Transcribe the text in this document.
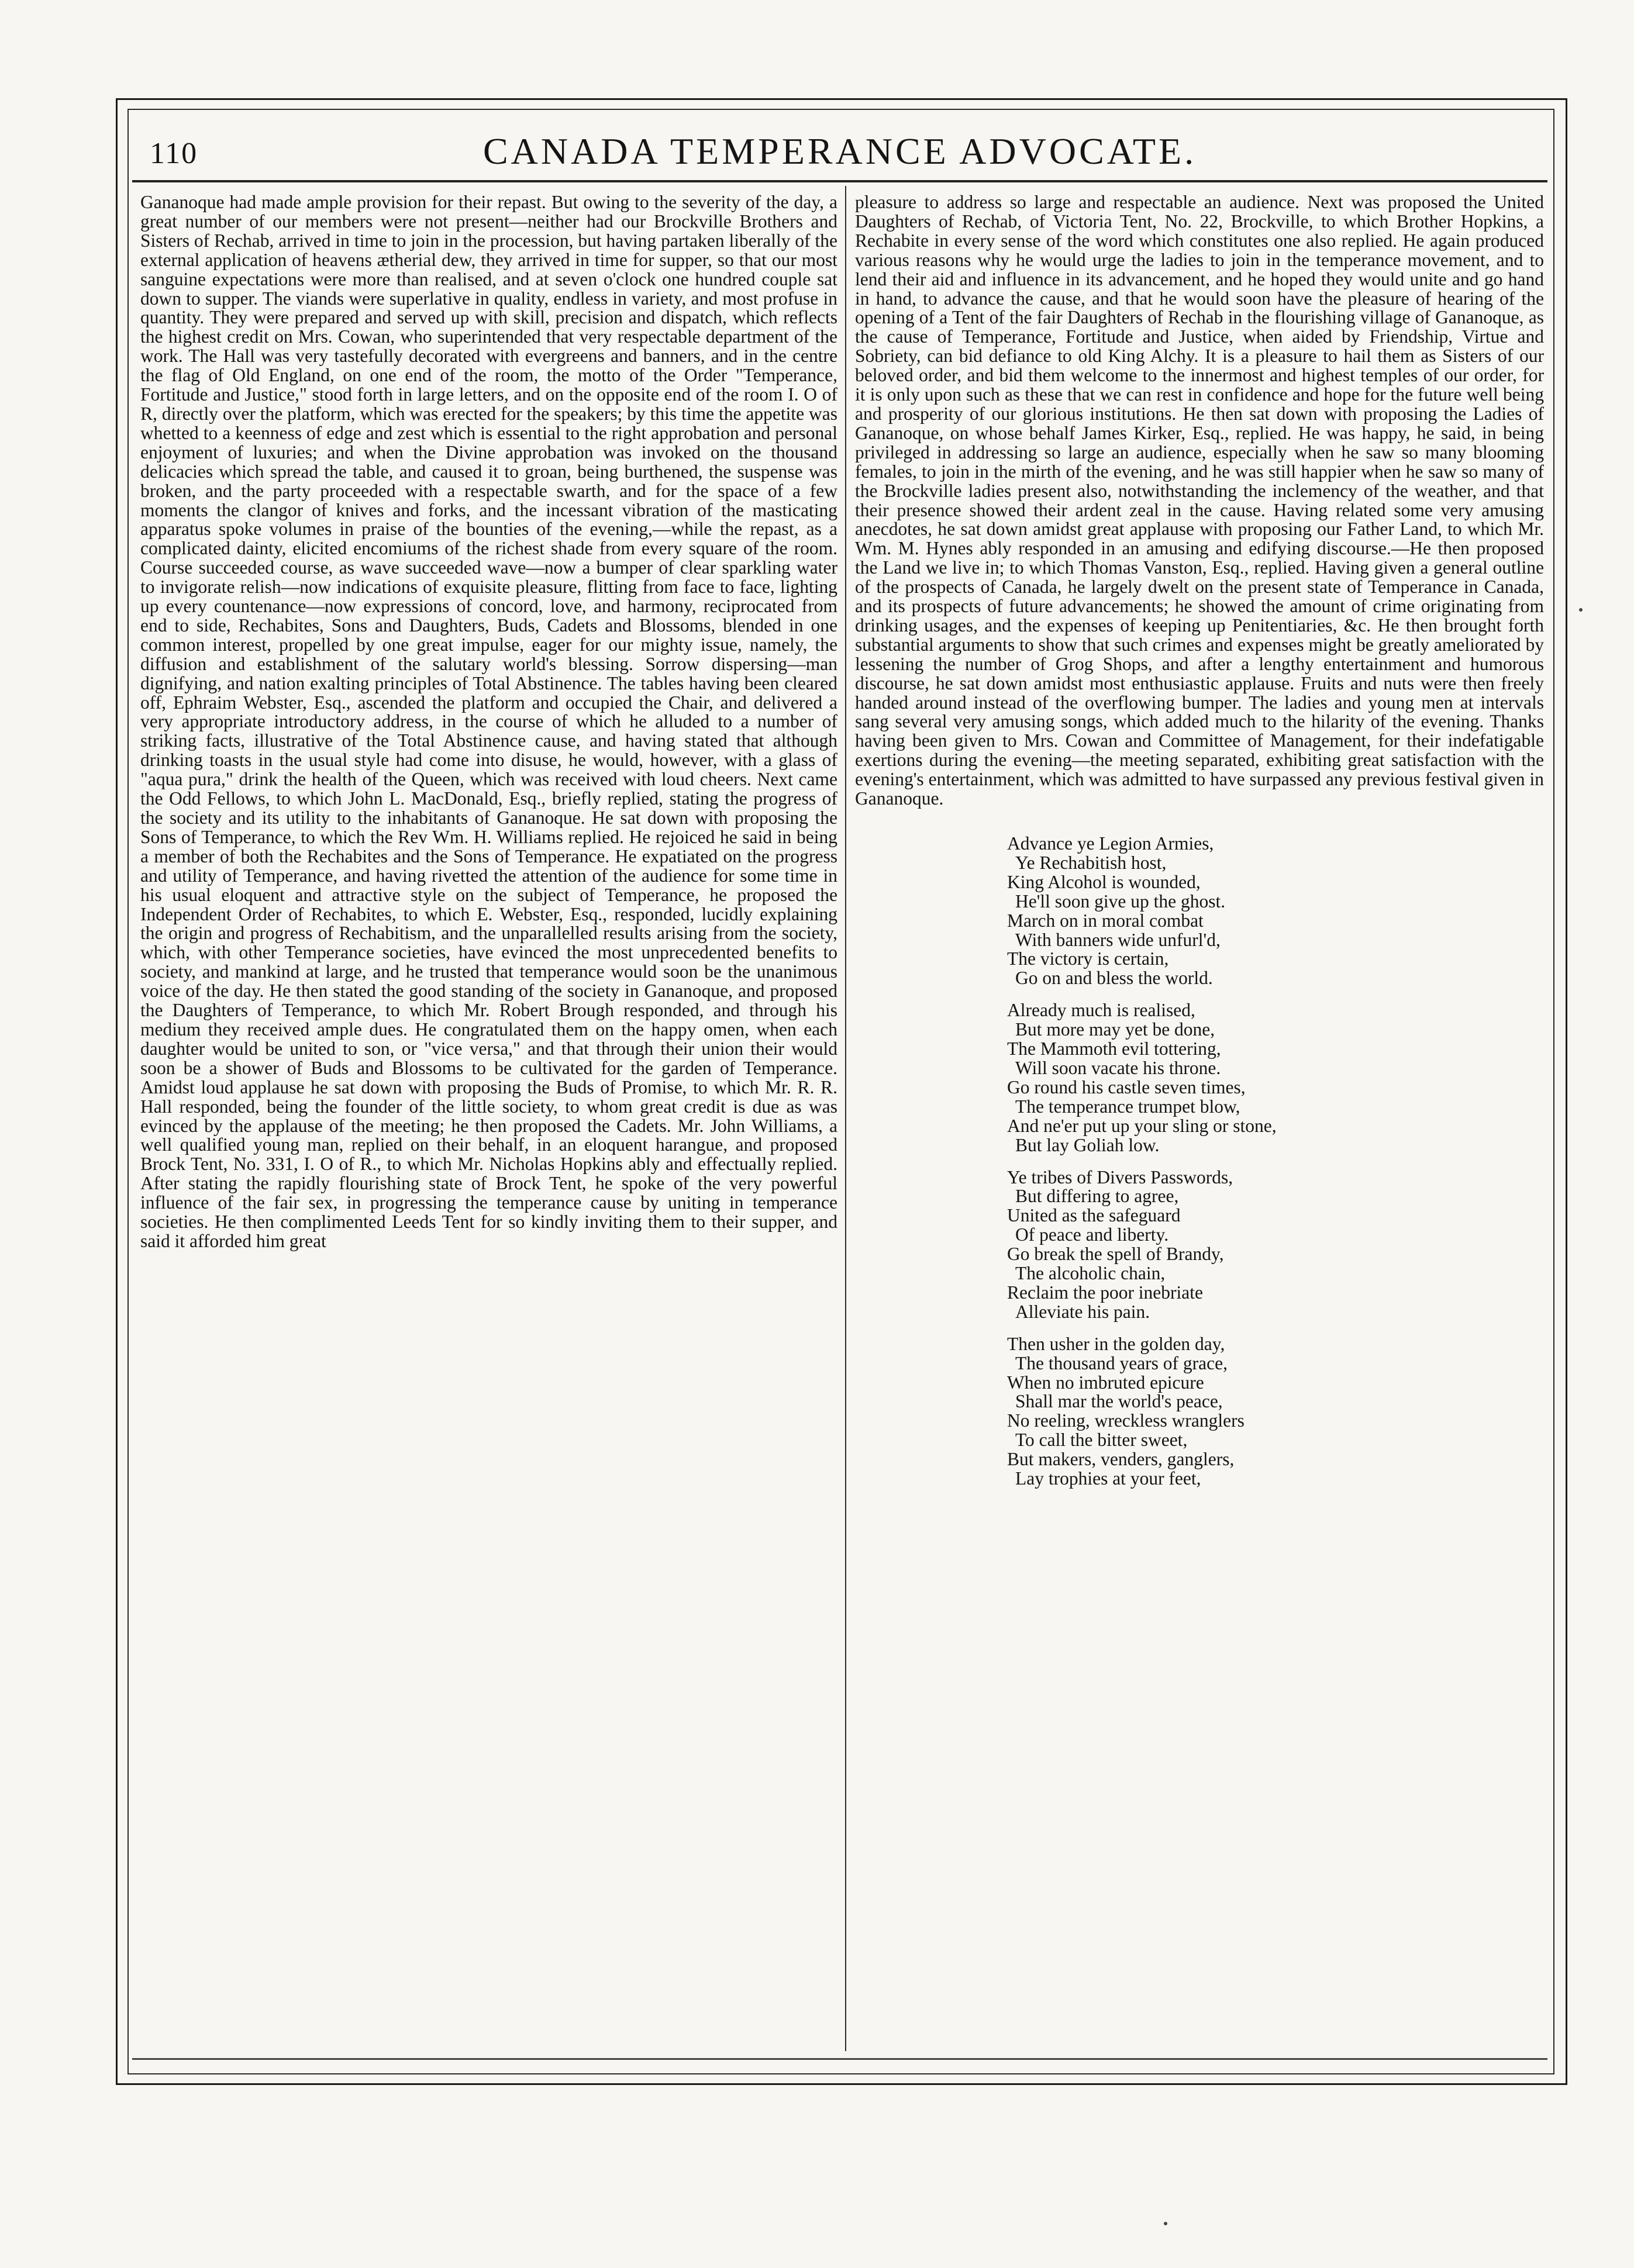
110	CANADA TEMPERANCE ADVOCATE.

Gananoque had made ample provision for their repast. But owing to the severity of the day, a great number of our members were not present—neither had our Brockville Brothers and Sisters of Rechab, arrived in time to join in the procession, but having partaken liberally of the external application of heavens ætherial dew, they arrived in time for supper, so that our most sanguine expectations were more than realised, and at seven o'clock one hundred couple sat down to supper. The viands were superlative in quality, endless in variety, and most profuse in quantity. They were prepared and served up with skill, precision and dispatch, which reflects the highest credit on Mrs. Cowan, who superintended that very respectable department of the work. The Hall was very tastefully decorated with evergreens and banners, and in the centre the flag of Old England, on one end of the room, the motto of the Order "Temperance, Fortitude and Justice," stood forth in large letters, and on the opposite end of the room I. O of R, directly over the platform, which was erected for the speakers; by this time the appetite was whetted to a keenness of edge and zest which is essential to the right approbation and personal enjoyment of luxuries; and when the Divine approbation was invoked on the thousand delicacies which spread the table, and caused it to groan, being burthened, the suspense was broken, and the party proceeded with a respectable swarth, and for the space of a few moments the clangor of knives and forks, and the incessant vibration of the masticating apparatus spoke volumes in praise of the bounties of the evening,—while the repast, as a complicated dainty, elicited encomiums of the richest shade from every square of the room. Course succeeded course, as wave succeeded wave—now a bumper of clear sparkling water to invigorate relish—now indications of exquisite pleasure, flitting from face to face, lighting up every countenance—now expressions of concord, love, and harmony, reciprocated from end to side, Rechabites, Sons and Daughters, Buds, Cadets and Blossoms, blended in one common interest, propelled by one great impulse, eager for our mighty issue, namely, the diffusion and establishment of the salutary world's blessing. Sorrow dispersing—man dignifying, and nation exalting principles of Total Abstinence. The tables having been cleared off, Ephraim Webster, Esq., ascended the platform and occupied the Chair, and delivered a very appropriate introductory address, in the course of which he alluded to a number of striking facts, illustrative of the Total Abstinence cause, and having stated that although drinking toasts in the usual style had come into disuse, he would, however, with a glass of "aqua pura," drink the health of the Queen, which was received with loud cheers. Next came the Odd Fellows, to which John L. MacDonald, Esq., briefly replied, stating the progress of the society and its utility to the inhabitants of Gananoque. He sat down with proposing the Sons of Temperance, to which the Rev Wm. H. Williams replied. He rejoiced he said in being a member of both the Rechabites and the Sons of Temperance. He expatiated on the progress and utility of Temperance, and having rivetted the attention of the audience for some time in his usual eloquent and attractive style on the subject of Temperance, he proposed the Independent Order of Rechabites, to which E. Webster, Esq., responded, lucidly explaining the origin and progress of Rechabitism, and the unparallelled results arising from the society, which, with other Temperance societies, have evinced the most unprecedented benefits to society, and mankind at large, and he trusted that temperance would soon be the unanimous voice of the day. He then stated the good standing of the society in Gananoque, and proposed the Daughters of Temperance, to which Mr. Robert Brough responded, and through his medium they received ample dues. He congratulated them on the happy omen, when each daughter would be united to son, or "vice versa," and that through their union their would soon be a shower of Buds and Blossoms to be cultivated for the garden of Temperance. Amidst loud applause he sat down with proposing the Buds of Promise, to which Mr. R. R. Hall responded, being the founder of the little society, to whom great credit is due as was evinced by the applause of the meeting; he then proposed the Cadets. Mr. John Williams, a well qualified young man, replied on their behalf, in an eloquent harangue, and proposed Brock Tent, No. 331, I. O of R., to which Mr. Nicholas Hopkins ably and effectually replied. After stating the rapidly flourishing state of Brock Tent, he spoke of the very powerful influence of the fair sex, in progressing the temperance cause by uniting in temperance societies. He then complimented Leeds Tent for so kindly inviting them to their supper, and said it afforded him great

pleasure to address so large and respectable an audience. Next was proposed the United Daughters of Rechab, of Victoria Tent, No. 22, Brockville, to which Brother Hopkins, a Rechabite in every sense of the word which constitutes one also replied. He again produced various reasons why he would urge the ladies to join in the temperance movement, and to lend their aid and influence in its advancement, and he hoped they would unite and go hand in hand, to advance the cause, and that he would soon have the pleasure of hearing of the opening of a Tent of the fair Daughters of Rechab in the flourishing village of Gananoque, as the cause of Temperance, Fortitude and Justice, when aided by Friendship, Virtue and Sobriety, can bid defiance to old King Alchy. It is a pleasure to hail them as Sisters of our beloved order, and bid them welcome to the innermost and highest temples of our order, for it is only upon such as these that we can rest in confidence and hope for the future well being and prosperity of our glorious institutions. He then sat down with proposing the Ladies of Gananoque, on whose behalf James Kirker, Esq., replied. He was happy, he said, in being privileged in addressing so large an audience, especially when he saw so many blooming females, to join in the mirth of the evening, and he was still happier when he saw so many of the Brockville ladies present also, notwithstanding the inclemency of the weather, and that their presence showed their ardent zeal in the cause. Having related some very amusing anecdotes, he sat down amidst great applause with proposing our Father Land, to which Mr. Wm. M. Hynes ably responded in an amusing and edifying discourse.—He then proposed the Land we live in; to which Thomas Vanston, Esq., replied. Having given a general outline of the prospects of Canada, he largely dwelt on the present state of Temperance in Canada, and its prospects of future advancements; he showed the amount of crime originating from drinking usages, and the expenses of keeping up Penitentiaries, &c. He then brought forth substantial arguments to show that such crimes and expenses might be greatly ameliorated by lessening the number of Grog Shops, and after a lengthy entertainment and humorous discourse, he sat down amidst most enthusiastic applause. Fruits and nuts were then freely handed around instead of the overflowing bumper. The ladies and young men at intervals sang several very amusing songs, which added much to the hilarity of the evening. Thanks having been given to Mrs. Cowan and Committee of Management, for their indefatigable exertions during the evening—the meeting separated, exhibiting great satisfaction with the evening's entertainment, which was admitted to have surpassed any previous festival given in Gananoque.

Advance ye Legion Armies,
Ye Rechabitish host,
King Alcohol is wounded,
He'll soon give up the ghost.
March on in moral combat
With banners wide unfurl'd,
The victory is certain,
Go on and bless the world.
Already much is realised,
But more may yet be done,
The Mammoth evil tottering,
Will soon vacate his throne.
Go round his castle seven times,
The temperance trumpet blow,
And ne'er put up your sling or stone,
But lay Goliah low.
Ye tribes of Divers Passwords,
But differing to agree,
United as the safeguard
Of peace and liberty.
Go break the spell of Brandy,
The alcoholic chain,
Reclaim the poor inebriate
Alleviate his pain.
Then usher in the golden day,
The thousand years of grace,
When no imbruted epicure
Shall mar the world's peace,
No reeling, wreckless wranglers
To call the bitter sweet,
But makers, venders, ganglers,
Lay trophies at your feet,
